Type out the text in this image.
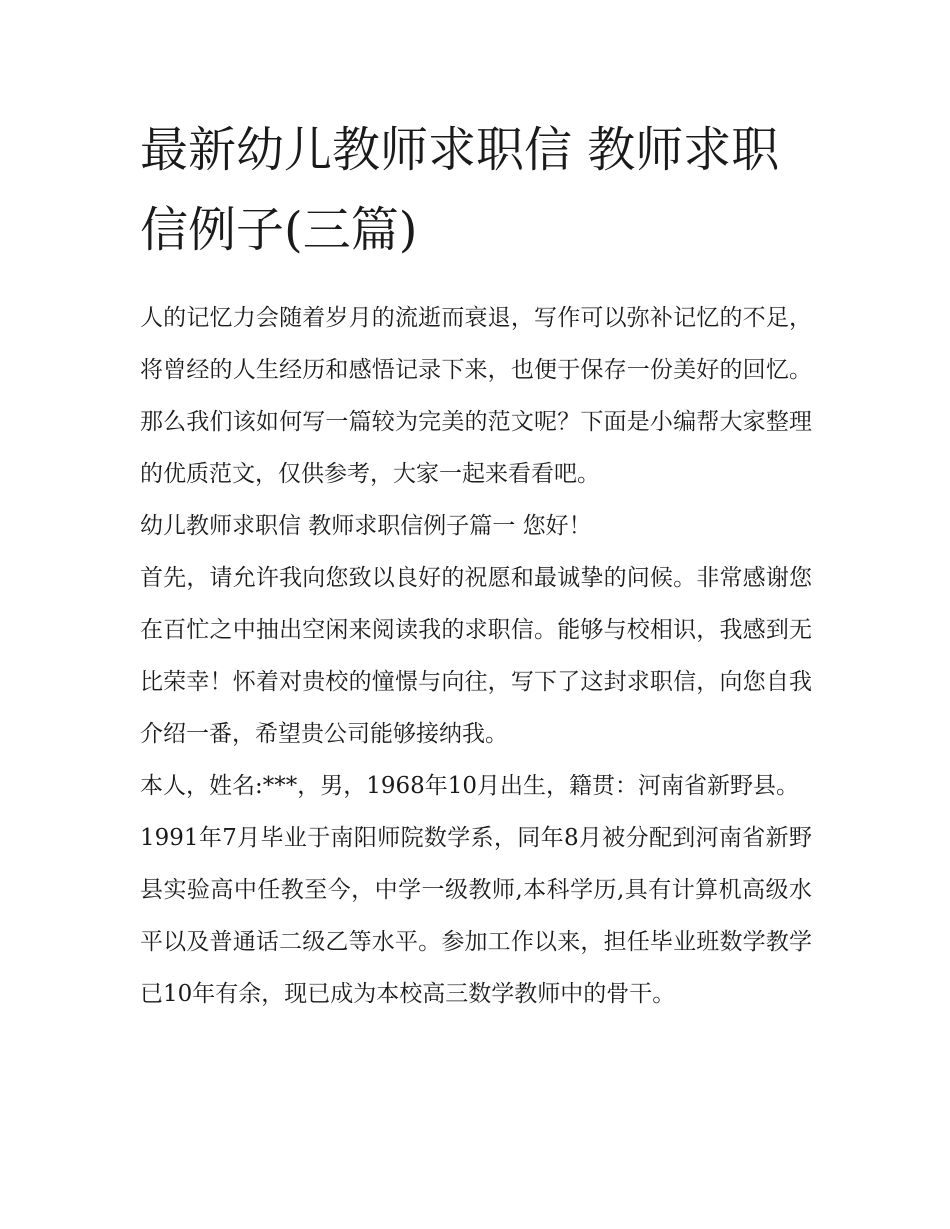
最新幼儿教师求职信 教师求职信例子(三篇)

人的记忆力会随着岁月的流逝而衰退，写作可以弥补记忆的不足，将曾经的人生经历和感悟记录下来，也便于保存一份美好的回忆。那么我们该如何写一篇较为完美的范文呢？下面是小编帮大家整理的优质范文，仅供参考，大家一起来看看吧。

幼儿教师求职信 教师求职信例子篇一 您好！

首先，请允许我向您致以良好的祝愿和最诚挚的问候。非常感谢您在百忙之中抽出空闲来阅读我的求职信。能够与校相识，我感到无比荣幸！怀着对贵校的憧憬与向往，写下了这封求职信，向您自我介绍一番，希望贵公司能够接纳我。

本人，姓名:***，男，1968年10月出生，籍贯：河南省新野县。

1991年7月毕业于南阳师院数学系，同年8月被分配到河南省新野县实验高中任教至今，中学一级教师,本科学历,具有计算机高级水平以及普通话二级乙等水平。参加工作以来，担任毕业班数学教学已10年有余，现已成为本校高三数学教师中的骨干。
